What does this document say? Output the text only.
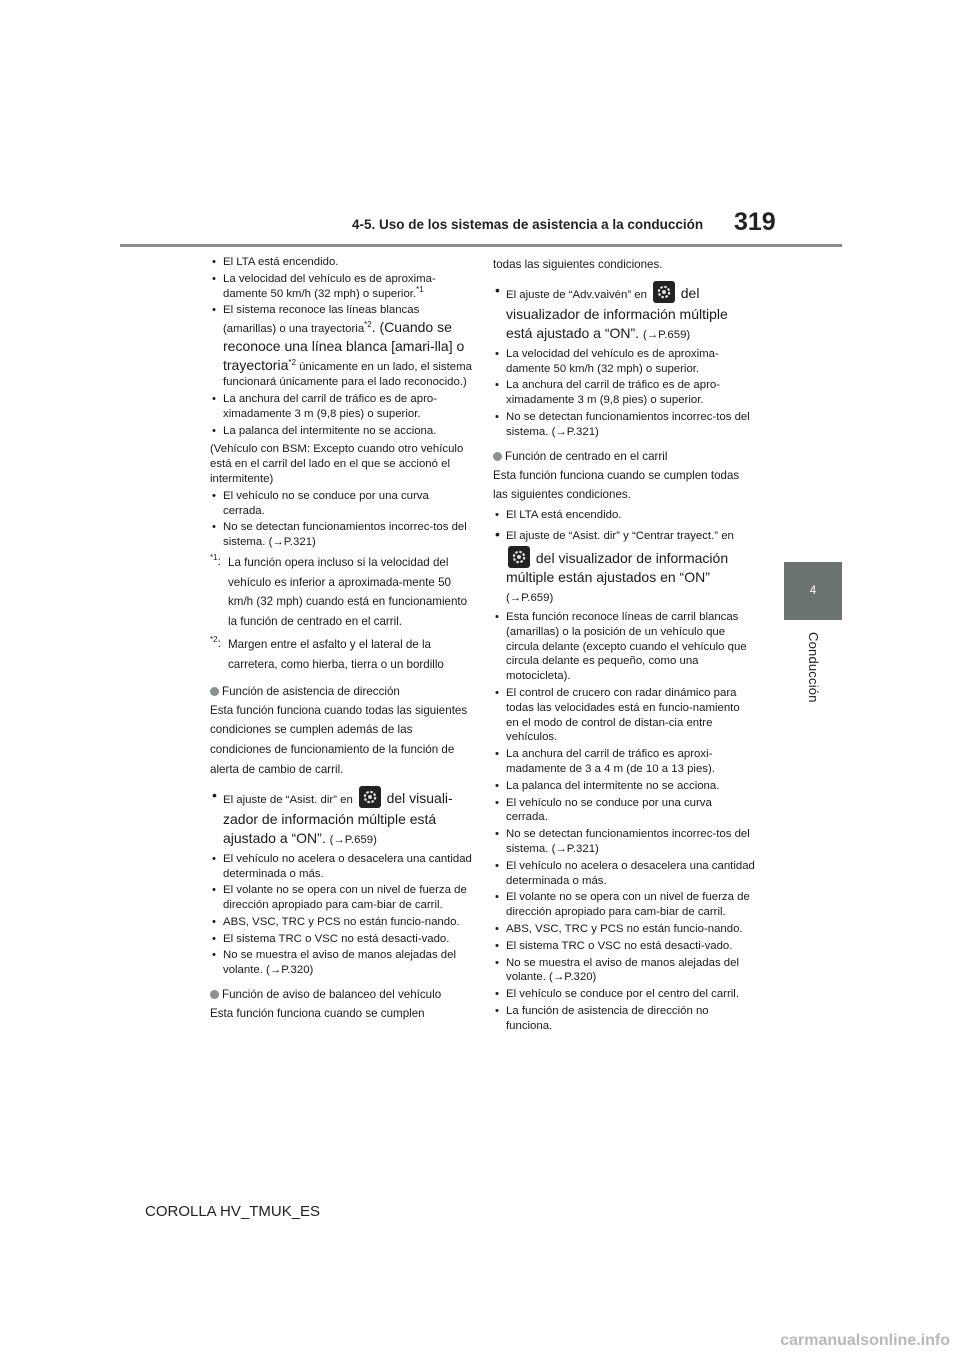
4-5. Uso de los sistemas de asistencia a la conducción 319
4
Conducción
• El LTA está encendido.
• La velocidad del vehículo es de aproxima-damente 50 km/h (32 mph) o superior.$^{*1}$
• El sistema reconoce las líneas blancas (amarillas) o una trayectoria$^{*2}$. (Cuando se reconoce una línea blanca [amari-lla] o trayectoria$^{*2}$ únicamente en un lado, el sistema funcionará únicamente para el lado reconocido.)
• La anchura del carril de tráfico es de apro-ximadamente 3 m (9,8 pies) o superior.
• La palanca del intermitente no se acciona.
(Vehículo con BSM: Excepto cuando otro vehículo está en el carril del lado en el que se accionó el intermitente)
• El vehículo no se conduce por una curva cerrada.
• No se detectan funcionamientos incorrec-tos del sistema. (→P.321)
$^{*1}$: La función opera incluso si la velocidad del vehículo es inferior a aproximada-mente 50 km/h (32 mph) cuando está en funcionamiento la función de centrado en el carril.
$^{*2}$: Margen entre el asfalto y el lateral de la carretera, como hierba, tierra o un bordillo
Función de asistencia de dirección

Esta función funciona cuando todas las siguientes condiciones se cumplen además de las condiciones de funcionamiento de la función de alerta de cambio de carril.

• El ajuste de “Asist. dir” en del visuali-zador de información múltiple está ajustado a “ON”. (→P.659)
• El vehículo no acelera o desacelera una cantidad determinada o más.
• El volante no se opera con un nivel de fuerza de dirección apropiado para cam-biar de carril.
• ABS, VSC, TRC y PCS no están funcio-nando.
• El sistema TRC o VSC no está desacti-vado.
• No se muestra el aviso de manos alejadas del volante. (→P.320)
Función de aviso de balanceo del vehículo

Esta función funciona cuando se cumplen

todas las siguientes condiciones.

• El ajuste de “Adv.vaivén” en del visualizador de información múltiple está ajustado a “ON”. (→P.659)
• La velocidad del vehículo es de aproxima-damente 50 km/h (32 mph) o superior.
• La anchura del carril de tráfico es de apro-ximadamente 3 m (9,8 pies) o superior.
• No se detectan funcionamientos incorrec-tos del sistema. (→P.321)
Función de centrado en el carril

Esta función funciona cuando se cumplen todas las siguientes condiciones.

• El LTA está encendido.
• El ajuste de “Asist. dir” y “Centrar trayect.” en
del visualizador de información múltiple están ajustados en “ON” (→P.659)
• Esta función reconoce líneas de carril blancas (amarillas) o la posición de un vehículo que circula delante (excepto cuando el vehículo que circula delante es pequeño, como una motocicleta).
• El control de crucero con radar dinámico para todas las velocidades está en funcio-namiento en el modo de control de distan-cia entre vehículos.
• La anchura del carril de tráfico es aproxi-madamente de 3 a 4 m (de 10 a 13 pies).
• La palanca del intermitente no se acciona.
• El vehículo no se conduce por una curva cerrada.
• No se detectan funcionamientos incorrec-tos del sistema. (→P.321)
• El vehículo no acelera o desacelera una cantidad determinada o más.
• El volante no se opera con un nivel de fuerza de dirección apropiado para cam-biar de carril.
• ABS, VSC, TRC y PCS no están funcio-nando.
• El sistema TRC o VSC no está desacti-vado.
• No se muestra el aviso de manos alejadas del volante. (→P.320)
• El vehículo se conduce por el centro del carril.
• La función de asistencia de dirección no funciona.
COROLLA HV_TMUK_ES
carmanualsonline.info
